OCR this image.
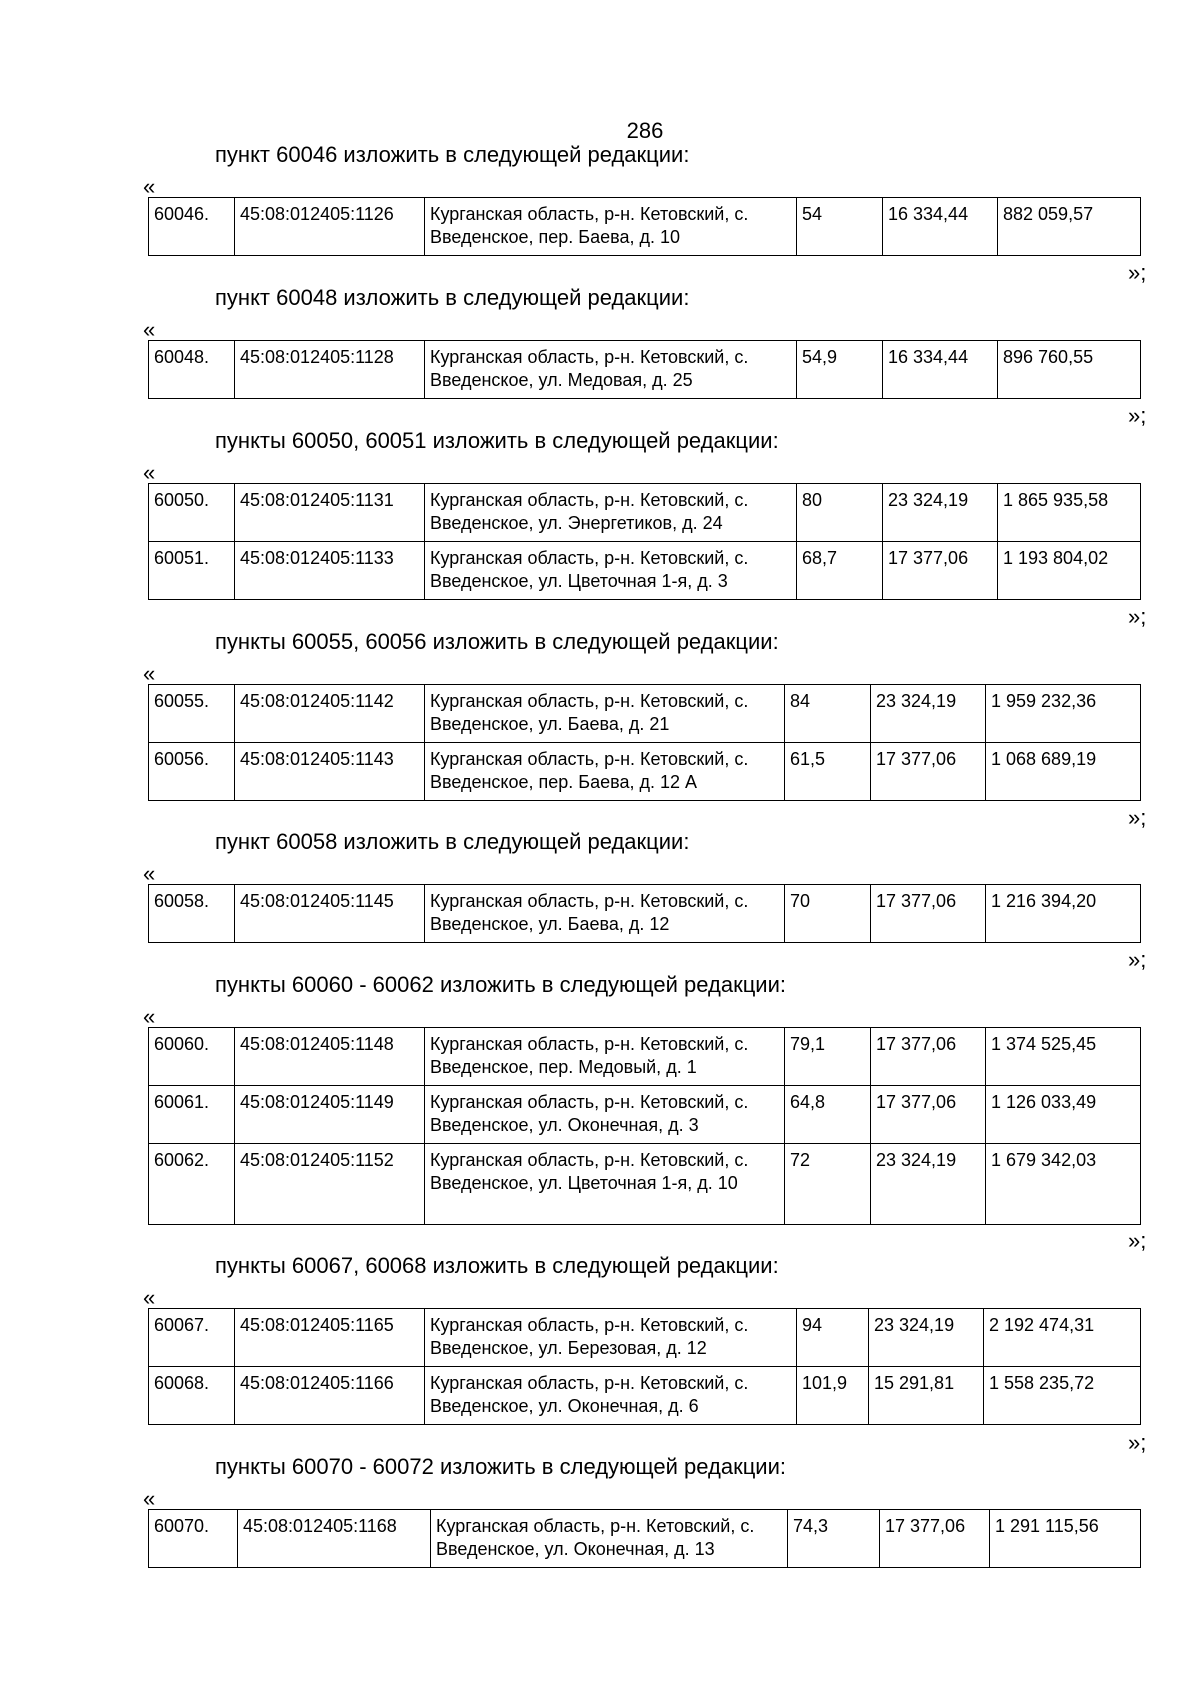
286
пункт 60046 изложить в следующей редакции:
«
60046.	45:08:012405:1126	Курганская область, р-н. Кетовский, с. Введенское, пер. Баева, д. 10	54	16 334,44	882 059,57
»;
пункт 60048 изложить в следующей редакции:
«
60048.	45:08:012405:1128	Курганская область, р-н. Кетовский, с. Введенское, ул. Медовая, д. 25	54,9	16 334,44	896 760,55
»;
пункты 60050, 60051 изложить в следующей редакции:
«
60050.	45:08:012405:1131	Курганская область, р-н. Кетовский, с. Введенское, ул. Энергетиков, д. 24	80	23 324,19	1 865 935,58
60051.	45:08:012405:1133	Курганская область, р-н. Кетовский, с. Введенское, ул. Цветочная 1-я, д. 3	68,7	17 377,06	1 193 804,02
»;
пункты 60055, 60056 изложить в следующей редакции:
«
60055.	45:08:012405:1142	Курганская область, р-н. Кетовский, с. Введенское, ул. Баева, д. 21	84	23 324,19	1 959 232,36
60056.	45:08:012405:1143	Курганская область, р-н. Кетовский, с. Введенское, пер. Баева, д. 12 А	61,5	17 377,06	1 068 689,19
»;
пункт 60058 изложить в следующей редакции:
«
60058.	45:08:012405:1145	Курганская область, р-н. Кетовский, с. Введенское, ул. Баева, д. 12	70	17 377,06	1 216 394,20
»;
пункты 60060 - 60062 изложить в следующей редакции:
«
60060.	45:08:012405:1148	Курганская область, р-н. Кетовский, с. Введенское, пер. Медовый, д. 1	79,1	17 377,06	1 374 525,45
60061.	45:08:012405:1149	Курганская область, р-н. Кетовский, с. Введенское, ул. Оконечная, д. 3	64,8	17 377,06	1 126 033,49
60062.	45:08:012405:1152	Курганская область, р-н. Кетовский, с. Введенское, ул. Цветочная 1-я, д. 10	72	23 324,19	1 679 342,03
»;
пункты 60067, 60068 изложить в следующей редакции:
«
60067.	45:08:012405:1165	Курганская область, р-н. Кетовский, с. Введенское, ул. Березовая, д. 12	94	23 324,19	2 192 474,31
60068.	45:08:012405:1166	Курганская область, р-н. Кетовский, с. Введенское, ул. Оконечная, д. 6	101,9	15 291,81	1 558 235,72
»;
пункты 60070 - 60072 изложить в следующей редакции:
«
60070.	45:08:012405:1168	Курганская область, р-н. Кетовский, с. Введенское, ул. Оконечная, д. 13	74,3	17 377,06	1 291 115,56
